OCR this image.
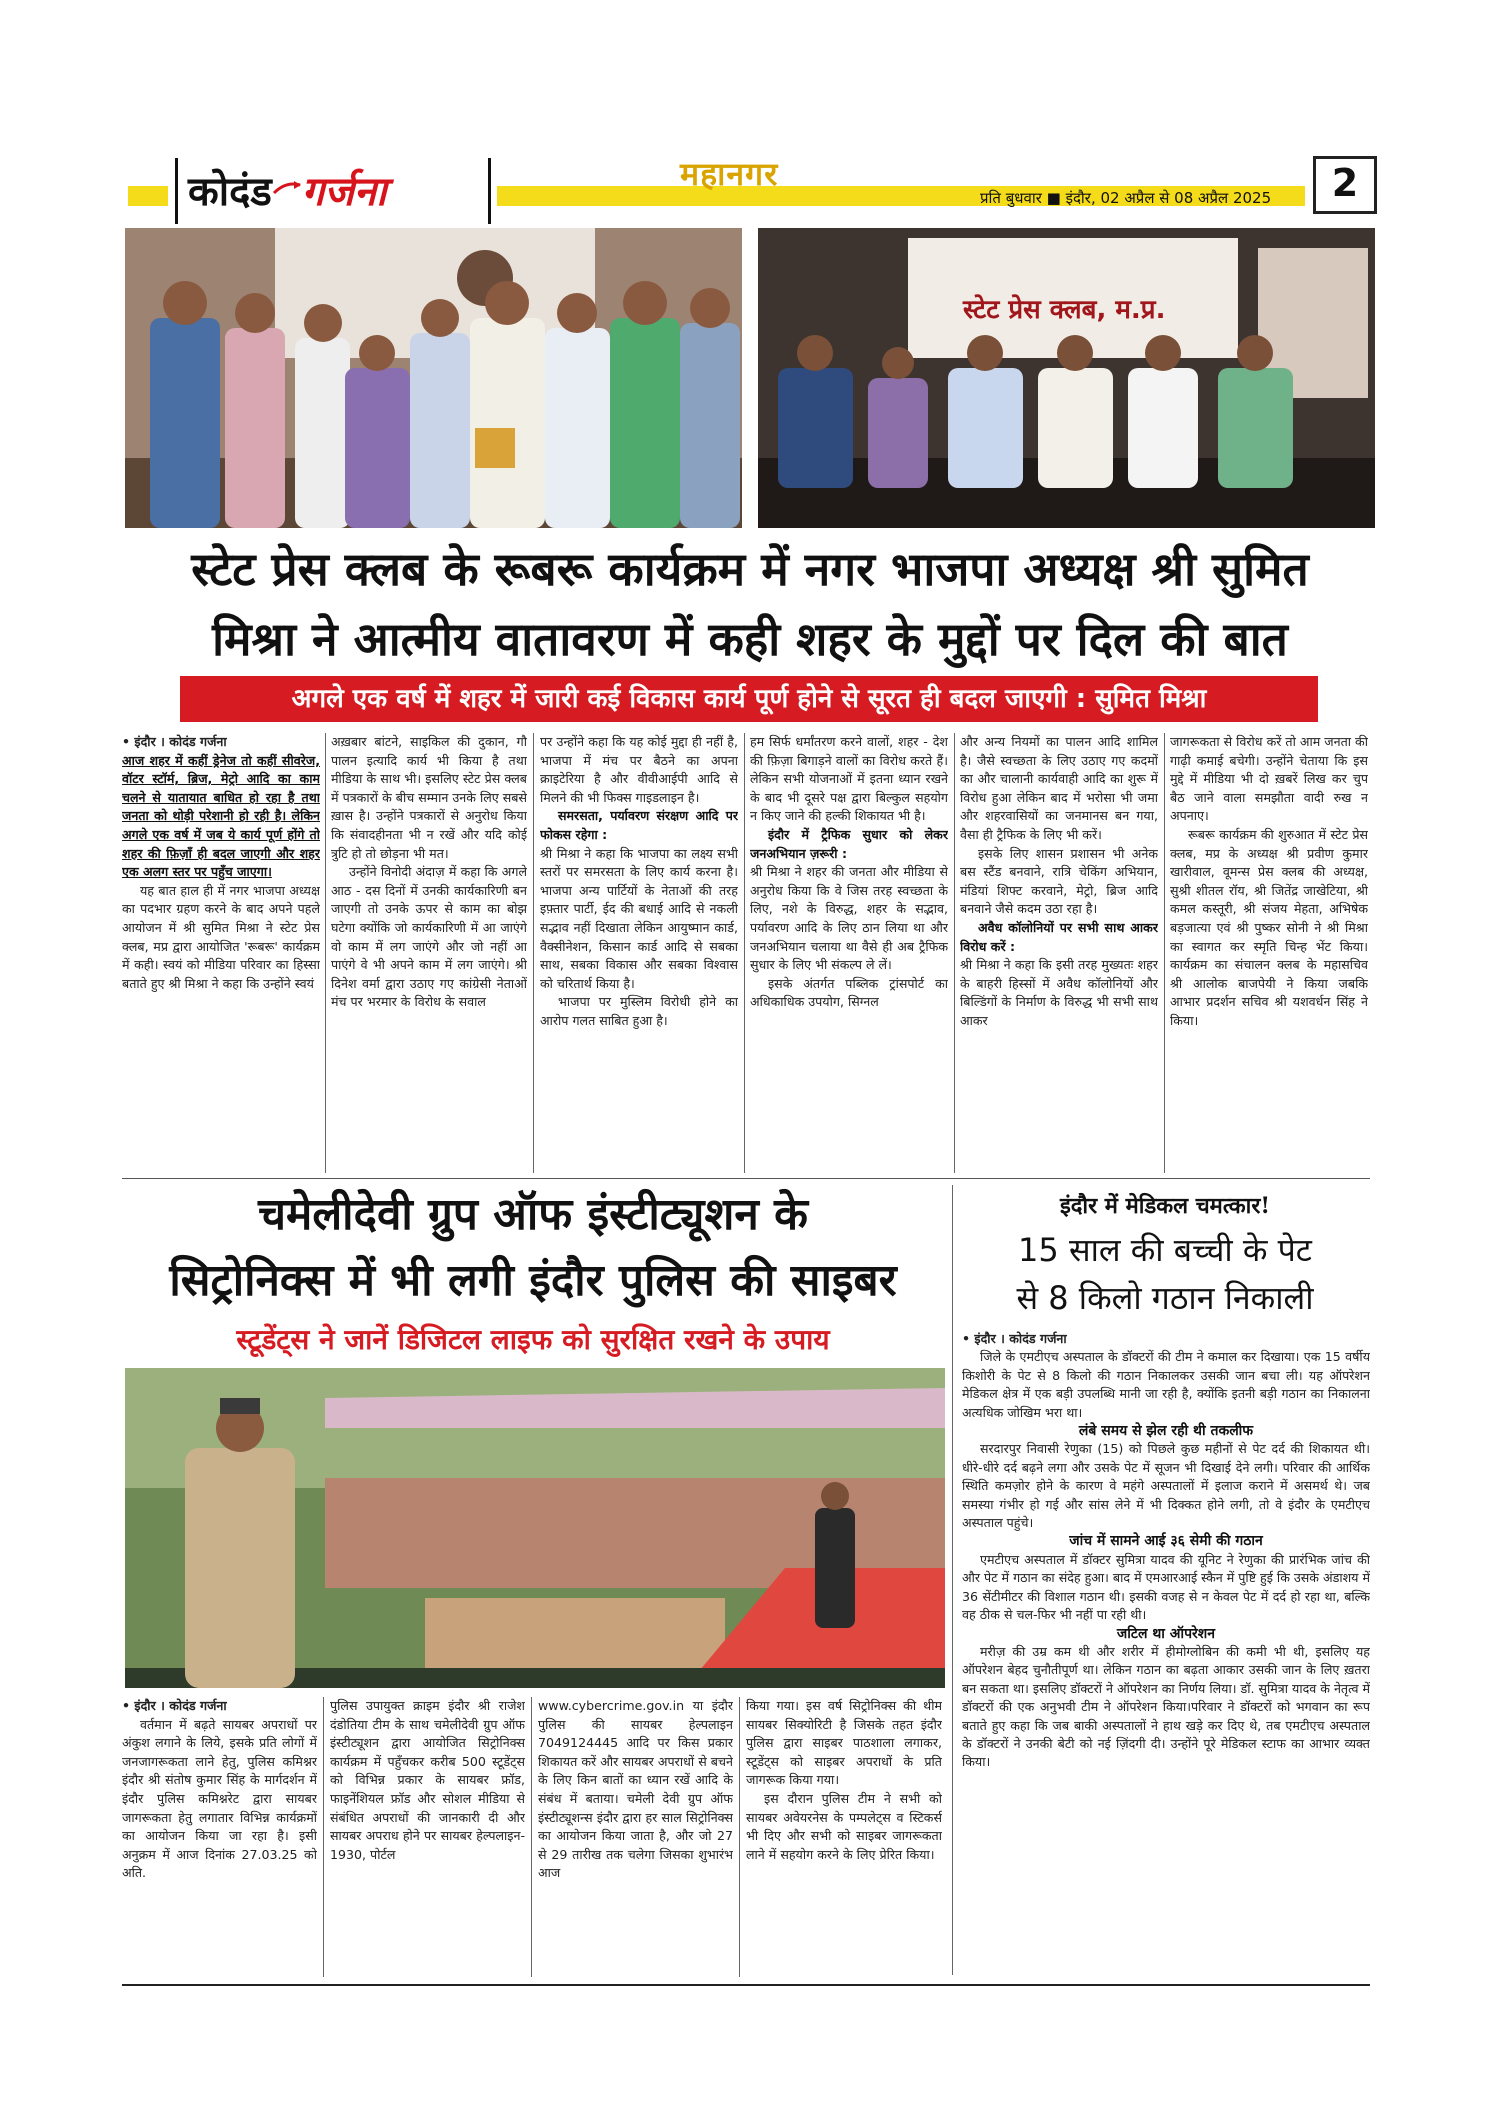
कोदंड गर्जना	महानगर
प्रति बुधवार ■ इंदौर, 02 अप्रैल से 08 अप्रैल 2025	2
स्टेट प्रेस क्लब, म.प्र.
स्टेट प्रेस क्लब के रूबरू कार्यक्रम में नगर भाजपा अध्यक्ष श्री सुमित
मिश्रा ने आत्मीय वातावरण में कही शहर के मुद्दों पर दिल की बात
अगले एक वर्ष में शहर में जारी कई विकास कार्य पूर्ण होने से सूरत ही बदल जाएगी : सुमित मिश्रा
• इंदौर । कोदंड गर्जना
आज शहर में कहीं ड्रेनेज तो कहीं सीवरेज, वॉटर स्टॉर्म, ब्रिज, मेट्रो आदि का काम चलने से यातायात बाधित हो रहा है तथा जनता को थोड़ी परेशानी हो रही है। लेकिन अगले एक वर्ष में जब ये कार्य पूर्ण होंगे तो शहर की फ़िज़ाँ ही बदल जाएगी और शहर एक अलग स्तर पर पहुँच जाएगा।
यह बात हाल ही में नगर भाजपा अध्यक्ष का पदभार ग्रहण करने के बाद अपने पहले आयोजन में श्री सुमित मिश्रा ने स्टेट प्रेस क्लब, मप्र द्वारा आयोजित 'रूबरू' कार्यक्रम में कही। स्वयं को मीडिया परिवार का हिस्सा बताते हुए श्री मिश्रा ने कहा कि उन्होंने स्वयं
अख़बार बांटने, साइकिल की दुकान, गौ पालन इत्यादि कार्य भी किया है तथा मीडिया के साथ भी। इसलिए स्टेट प्रेस क्लब में पत्रकारों के बीच सम्मान उनके लिए सबसे ख़ास है। उन्होंने पत्रकारों से अनुरोध किया कि संवादहीनता भी न रखें और यदि कोई त्रुटि हो तो छोड़ना भी मत।
उन्होंने विनोदी अंदाज़ में कहा कि अगले आठ - दस दिनों में उनकी कार्यकारिणी बन जाएगी तो उनके ऊपर से काम का बोझ घटेगा क्योंकि जो कार्यकारिणी में आ जाएंगे वो काम में लग जाएंगे और जो नहीं आ पाएंगे वे भी अपने काम में लग जाएंगे। श्री दिनेश वर्मा द्वारा उठाए गए कांग्रेसी नेताओं मंच पर भरमार के विरोध के सवाल
पर उन्होंने कहा कि यह कोई मुद्दा ही नहीं है, भाजपा में मंच पर बैठने का अपना क्राइटेरिया है और वीवीआईपी आदि से मिलने की भी फिक्स गाइडलाइन है।
समरसता, पर्यावरण संरक्षण आदि पर फोकस रहेगा :
श्री मिश्रा ने कहा कि भाजपा का लक्ष्य सभी स्तरों पर समरसता के लिए कार्य करना है। भाजपा अन्य पार्टियों के नेताओं की तरह इफ़्तार पार्टी, ईद की बधाई आदि से नकली सद्भाव नहीं दिखाता लेकिन आयुष्मान कार्ड, वैक्सीनेशन, किसान कार्ड आदि से सबका साथ, सबका विकास और सबका विश्वास को चरितार्थ किया है।
भाजपा पर मुस्लिम विरोधी होने का आरोप गलत साबित हुआ है।
हम सिर्फ धर्मांतरण करने वालों, शहर - देश की फ़िज़ा बिगाड़ने वालों का विरोध करते हैं। लेकिन सभी योजनाओं में इतना ध्यान रखने के बाद भी दूसरे पक्ष द्वारा बिल्कुल सहयोग न किए जाने की हल्की शिकायत भी है।
इंदौर में ट्रैफिक सुधार को लेकर जनअभियान ज़रूरी :
श्री मिश्रा ने शहर की जनता और मीडिया से अनुरोध किया कि वे जिस तरह स्वच्छता के लिए, नशे के विरुद्ध, शहर के सद्भाव, पर्यावरण आदि के लिए ठान लिया था और जनअभियान चलाया था वैसे ही अब ट्रैफिक सुधार के लिए भी संकल्प ले लें।
इसके अंतर्गत पब्लिक ट्रांसपोर्ट का अधिकाधिक उपयोग, सिग्नल
और अन्य नियमों का पालन आदि शामिल है। जैसे स्वच्छता के लिए उठाए गए कदमों का और चालानी कार्यवाही आदि का शुरू में विरोध हुआ लेकिन बाद में भरोसा भी जमा और शहरवासियों का जनमानस बन गया, वैसा ही ट्रैफिक के लिए भी करें।
इसके लिए शासन प्रशासन भी अनेक बस स्टैंड बनवाने, रात्रि चेकिंग अभियान, मंडियां शिफ्ट करवाने, मेट्रो, ब्रिज आदि बनवाने जैसे कदम उठा रहा है।
अवैध कॉलोनियों पर सभी साथ आकर विरोध करें :
श्री मिश्रा ने कहा कि इसी तरह मुख्यतः शहर के बाहरी हिस्सों में अवैध कॉलोनियों और बिल्डिंगों के निर्माण के विरुद्ध भी सभी साथ आकर
जागरूकता से विरोध करें तो आम जनता की गाढ़ी कमाई बचेगी। उन्होंने चेताया कि इस मुद्दे में मीडिया भी दो ख़बरें लिख कर चुप बैठ जाने वाला समझौता वादी रुख न अपनाए।
रूबरू कार्यक्रम की शुरुआत में स्टेट प्रेस क्लब, मप्र के अध्यक्ष श्री प्रवीण कुमार खारीवाल, वूमन्स प्रेस क्लब की अध्यक्ष, सुश्री शीतल रॉय, श्री जितेंद्र जाखेटिया, श्री कमल कस्तूरी, श्री संजय मेहता, अभिषेक बड़जात्या एवं श्री पुष्कर सोनी ने श्री मिश्रा का स्वागत कर स्मृति चिन्ह भेंट किया। कार्यक्रम का संचालन क्लब के महासचिव श्री आलोक बाजपेयी ने किया जबकि आभार प्रदर्शन सचिव श्री यशवर्धन सिंह ने किया।
चमेलीदेवी ग्रुप ऑफ इंस्टीट्यूशन के
सिट्रोनिक्स में भी लगी इंदौर पुलिस की साइबर
स्टूडेंट्स ने जानें डिजिटल लाइफ को सुरक्षित रखने के उपाय
• इंदौर । कोदंड गर्जना
वर्तमान में बढ़ते सायबर अपराधों पर अंकुश लगाने के लिये, इसके प्रति लोगों में जनजागरूकता लाने हेतु, पुलिस कमिश्नर इंदौर श्री संतोष कुमार सिंह के मार्गदर्शन में इंदौर पुलिस कमिश्नरेट द्वारा सायबर जागरूकता हेतु लगातार विभिन्न कार्यक्रमों का आयोजन किया जा रहा है। इसी अनुक्रम में आज दिनांक 27.03.25 को अति.
पुलिस उपायुक्त क्राइम इंदौर श्री राजेश दंडोतिया टीम के साथ चमेलीदेवी ग्रुप ऑफ इंस्टीट्यूशन द्वारा आयोजित सिट्रोनिक्स कार्यक्रम में पहुँचकर करीब 500 स्टूडेंट्स को विभिन्न प्रकार के सायबर फ्रॉड, फाइनेंशियल फ्रॉड और सोशल मीडिया से संबंधित अपराधों की जानकारी दी और सायबर अपराध होने पर सायबर हेल्पलाइन- 1930, पोर्टल
www.cybercrime.gov.in या इंदौर पुलिस की सायबर हेल्पलाइन 7049124445 आदि पर किस प्रकार शिकायत करें और सायबर अपराधों से बचने के लिए किन बातों का ध्यान रखें आदि के संबंध में बताया। चमेली देवी ग्रुप ऑफ इंस्टीट्यूशन्स इंदौर द्वारा हर साल सिट्रोनिक्स का आयोजन किया जाता है, और जो 27 से 29 तारीख तक चलेगा जिसका शुभारंभ आज
किया गया। इस वर्ष सिट्रोनिक्स की थीम सायबर सिक्योरिटी है जिसके तहत इंदौर पुलिस द्वारा साइबर पाठशाला लगाकर, स्टूडेंट्स को साइबर अपराधों के प्रति जागरूक किया गया।
इस दौरान पुलिस टीम ने सभी को सायबर अवेयरनेस के पम्पलेट्स व स्टिकर्स भी दिए और सभी को साइबर जागरूकता लाने में सहयोग करने के लिए प्रेरित किया।
इंदौर में मेडिकल चमत्कार!
15 साल की बच्ची के पेट
से 8 किलो गठान निकाली
• इंदौर । कोदंड गर्जना
जिले के एमटीएच अस्पताल के डॉक्टरों की टीम ने कमाल कर दिखाया। एक 15 वर्षीय किशोरी के पेट से 8 किलो की गठान निकालकर उसकी जान बचा ली। यह ऑपरेशन मेडिकल क्षेत्र में एक बड़ी उपलब्धि मानी जा रही है, क्योंकि इतनी बड़ी गठान का निकालना अत्यधिक जोखिम भरा था।
लंबे समय से झेल रही थी तकलीफ
सरदारपुर निवासी रेणुका (15) को पिछले कुछ महीनों से पेट दर्द की शिकायत थी। धीरे-धीरे दर्द बढ़ने लगा और उसके पेट में सूजन भी दिखाई देने लगी। परिवार की आर्थिक स्थिति कमज़ोर होने के कारण वे महंगे अस्पतालों में इलाज कराने में असमर्थ थे। जब समस्या गंभीर हो गई और सांस लेने में भी दिक्कत होने लगी, तो वे इंदौर के एमटीएच अस्पताल पहुंचे।
जांच में सामने आई ३६ सेमी की गठान
एमटीएच अस्पताल में डॉक्टर सुमित्रा यादव की यूनिट ने रेणुका की प्रारंभिक जांच की और पेट में गठान का संदेह हुआ। बाद में एमआरआई स्कैन में पुष्टि हुई कि उसके अंडाशय में 36 सेंटीमीटर की विशाल गठान थी। इसकी वजह से न केवल पेट में दर्द हो रहा था, बल्कि वह ठीक से चल-फिर भी नहीं पा रही थी।
जटिल था ऑपरेशन
मरीज़ की उम्र कम थी और शरीर में हीमोग्लोबिन की कमी भी थी, इसलिए यह ऑपरेशन बेहद चुनौतीपूर्ण था। लेकिन गठान का बढ़ता आकार उसकी जान के लिए ख़तरा बन सकता था। इसलिए डॉक्टरों ने ऑपरेशन का निर्णय लिया। डॉ. सुमित्रा यादव के नेतृत्व में डॉक्टरों की एक अनुभवी टीम ने ऑपरेशन किया।परिवार ने डॉक्टरों को भगवान का रूप बताते हुए कहा कि जब बाकी अस्पतालों ने हाथ खड़े कर दिए थे, तब एमटीएच अस्पताल के डॉक्टरों ने उनकी बेटी को नई ज़िंदगी दी। उन्होंने पूरे मेडिकल स्टाफ का आभार व्यक्त किया।
